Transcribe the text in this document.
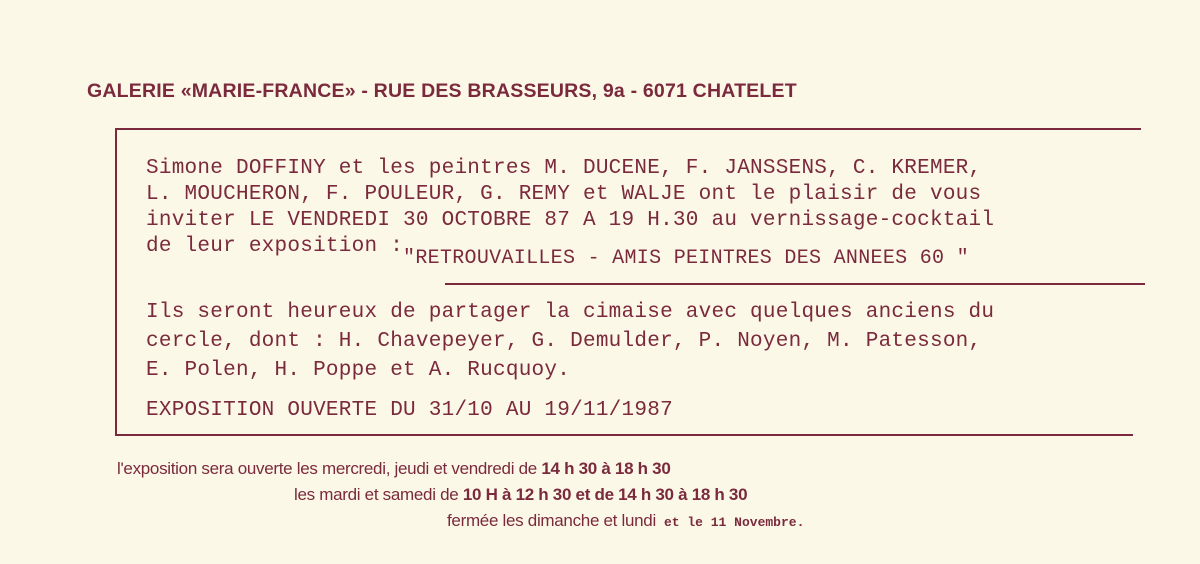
GALERIE «MARIE-FRANCE» - RUE DES BRASSEURS, 9a - 6071 CHATELET
Simone DOFFINY et les peintres M. DUCENE, F. JANSSENS, C. KREMER,
L. MOUCHERON, F. POULEUR, G. REMY et WALJE ont le plaisir de vous
inviter LE VENDREDI 30 OCTOBRE 87 A 19 H.30 au vernissage-cocktail
de leur exposition :"RETROUVAILLES - AMIS PEINTRES DES ANNEES 60 "
Ils seront heureux de partager la cimaise avec quelques anciens du
cercle, dont : H. Chavepeyer, G. Demulder, P. Noyen, M. Patesson,
E. Polen, H. Poppe et A. Rucquoy.
EXPOSITION OUVERTE DU 31/10 AU 19/11/1987
l'exposition sera ouverte les mercredi, jeudi et vendredi de 14 h 30 à 18 h 30
les mardi et samedi de 10 H à 12 h 30 et de 14 h 30 à 18 h 30
fermée les dimanche et lundi et le 11 Novembre.
